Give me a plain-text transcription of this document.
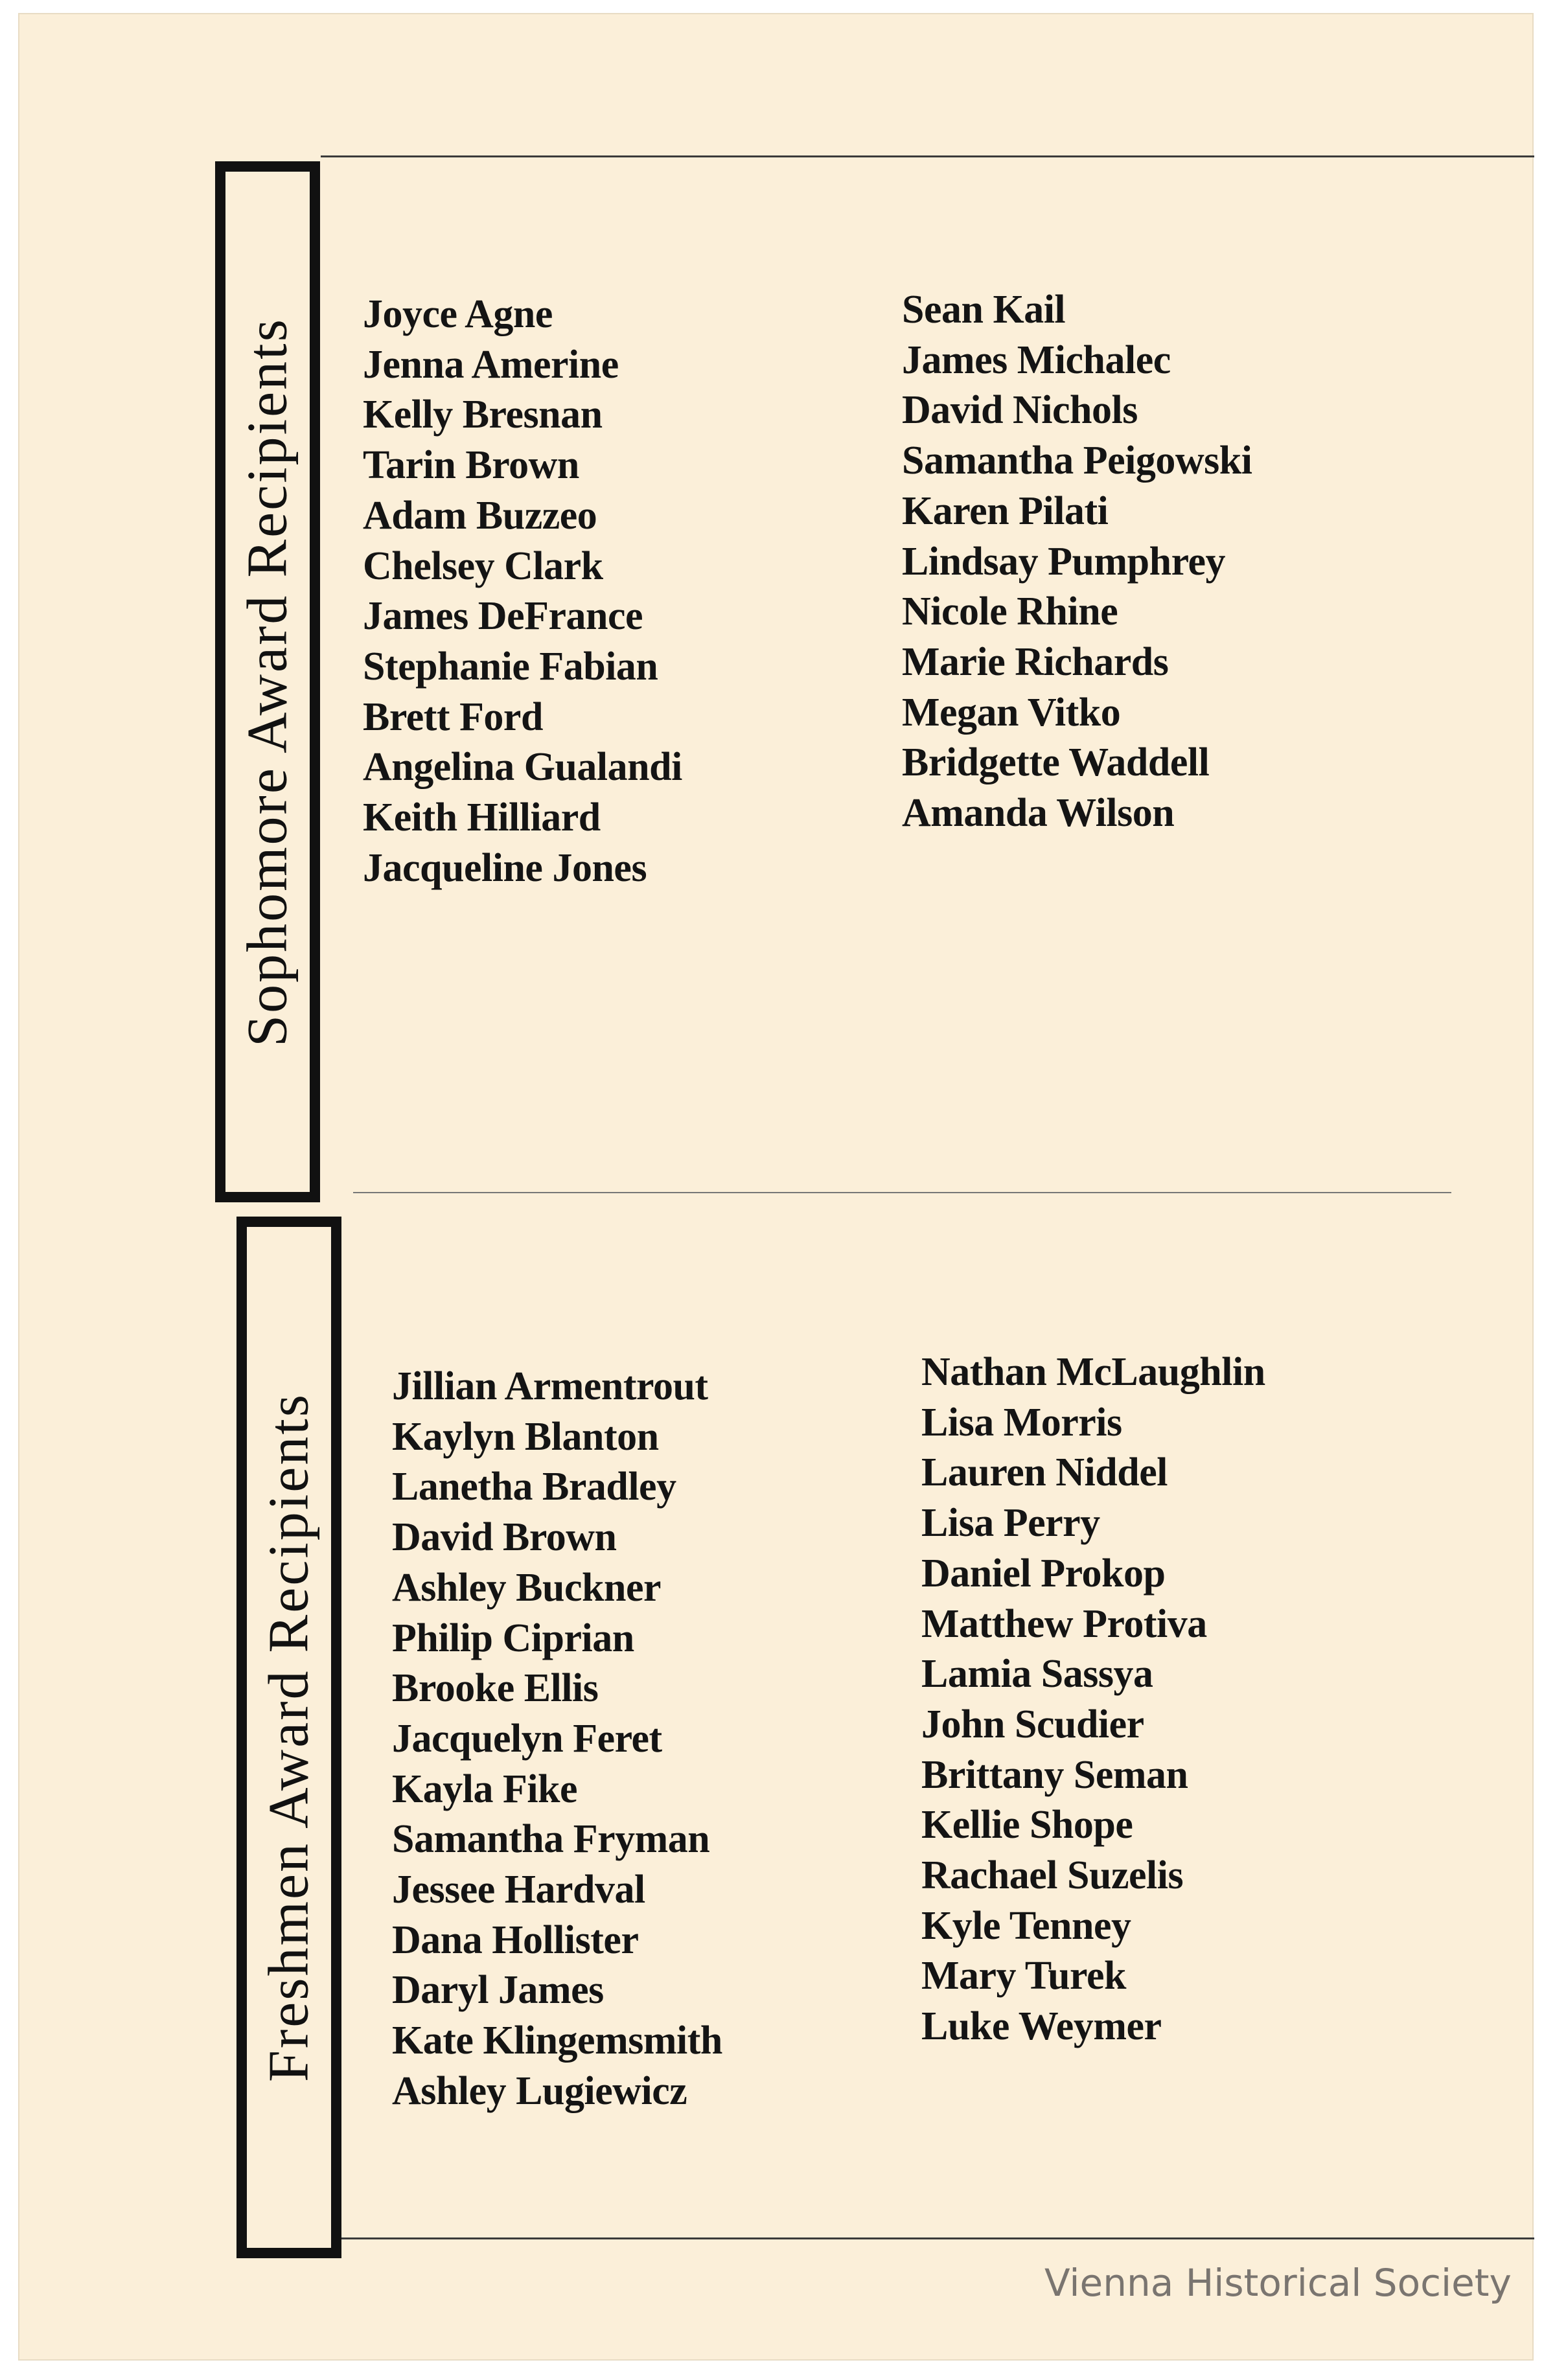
Sophomore Award Recipients
Freshmen Award Recipients
Joyce Agne
Jenna Amerine
Kelly Bresnan
Tarin Brown
Adam Buzzeo
Chelsey Clark
James DeFrance
Stephanie Fabian
Brett Ford
Angelina Gualandi
Keith Hilliard
Jacqueline Jones
Sean Kail
James Michalec
David Nichols
Samantha Peigowski
Karen Pilati
Lindsay Pumphrey
Nicole Rhine
Marie Richards
Megan Vitko
Bridgette Waddell
Amanda Wilson
Jillian Armentrout
Kaylyn Blanton
Lanetha Bradley
David Brown
Ashley Buckner
Philip Ciprian
Brooke Ellis
Jacquelyn Feret
Kayla Fike
Samantha Fryman
Jessee Hardval
Dana Hollister
Daryl James
Kate Klingemsmith
Ashley Lugiewicz
Nathan McLaughlin
Lisa Morris
Lauren Niddel
Lisa Perry
Daniel Prokop
Matthew Protiva
Lamia Sassya
John Scudier
Brittany Seman
Kellie Shope
Rachael Suzelis
Kyle Tenney
Mary Turek
Luke Weymer
Vienna Historical Society
